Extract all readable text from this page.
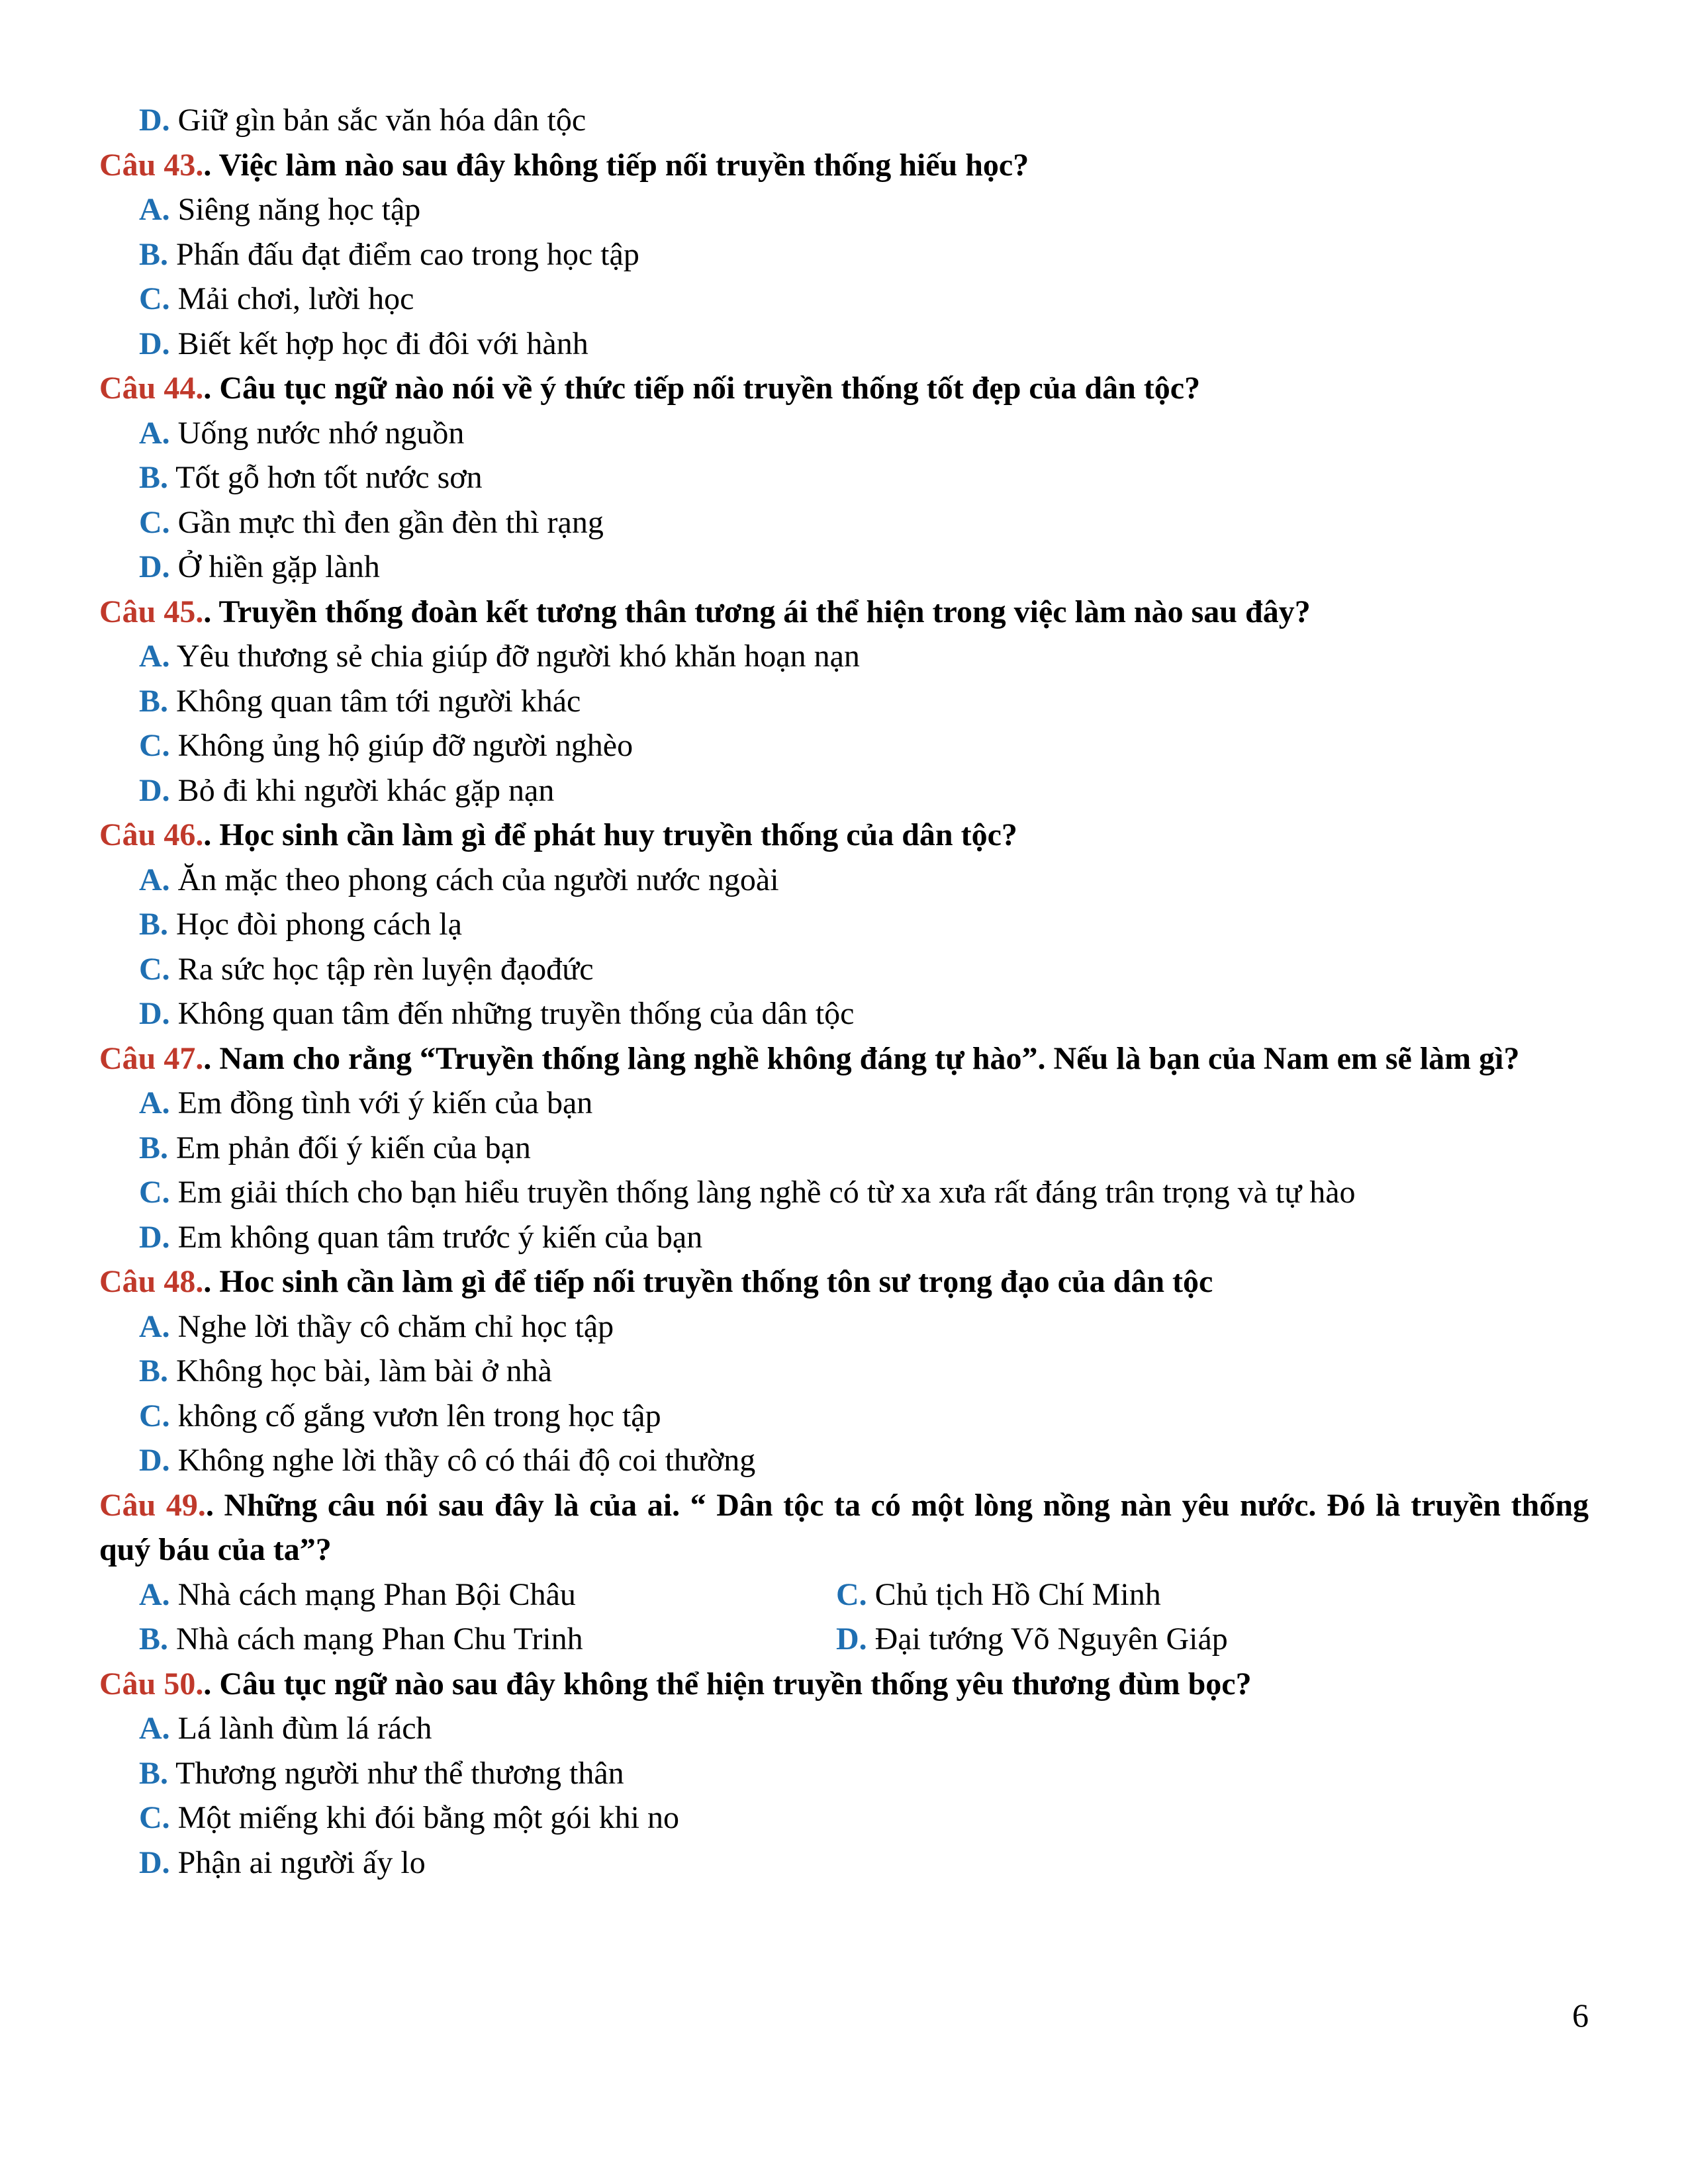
D. Giữ gìn bản sắc văn hóa dân tộc
Câu 43.. Việc làm nào sau đây không tiếp nối truyền thống hiếu học?
A. Siêng năng học tập
B. Phấn đấu đạt điểm cao trong học tập
C. Mải chơi, lười học
D. Biết kết hợp học đi đôi với hành
Câu 44.. Câu tục ngữ nào nói về ý thức tiếp nối truyền thống tốt đẹp của dân tộc?
A. Uống nước nhớ nguồn
B. Tốt gỗ hơn tốt nước sơn
C. Gần mực thì đen gần đèn thì rạng
D. Ở hiền gặp lành
Câu 45.. Truyền thống đoàn kết tương thân tương ái thể hiện trong việc làm nào sau đây?
A. Yêu thương sẻ chia giúp đỡ người khó khăn hoạn nạn
B. Không quan tâm tới người khác
C. Không ủng hộ giúp đỡ người nghèo
D. Bỏ đi khi người khác gặp nạn
Câu 46.. Học sinh cần làm gì để phát huy truyền thống của dân tộc?
A. Ăn mặc theo phong cách của người nước ngoài
B. Học đòi phong cách lạ
C. Ra sức học tập rèn luyện đạođức
D. Không quan tâm đến những truyền thống của dân tộc
Câu 47.. Nam cho rằng “Truyền thống làng nghề không đáng tự hào”. Nếu là bạn của Nam em sẽ làm gì?
A. Em đồng tình với ý kiến của bạn
B. Em phản đối ý kiến của bạn
C. Em giải thích cho bạn hiểu truyền thống làng nghề có từ xa xưa rất đáng trân trọng và tự hào
D. Em không quan tâm trước ý kiến của bạn
Câu 48.. Hoc sinh cần làm gì để tiếp nối truyền thống tôn sư trọng đạo của dân tộc
A. Nghe lời thầy cô chăm chỉ học tập
B. Không học bài, làm bài ở nhà
C. không cố gắng vươn lên trong học tập
D. Không nghe lời thầy cô có thái độ coi thường
Câu 49.. Những câu nói sau đây là của ai. “ Dân tộc ta có một lòng nồng nàn yêu nước. Đó là truyền thống quý báu của ta”?
A. Nhà cách mạng Phan Bội Châu	C. Chủ tịch Hồ Chí Minh
B. Nhà cách mạng Phan Chu Trinh	D. Đại tướng Võ Nguyên Giáp
Câu 50.. Câu tục ngữ nào sau đây không thể hiện truyền thống yêu thương đùm bọc?
A. Lá lành đùm lá rách
B. Thương người như thể thương thân
C. Một miếng khi đói bằng một gói khi no
D. Phận ai người ấy lo
6
